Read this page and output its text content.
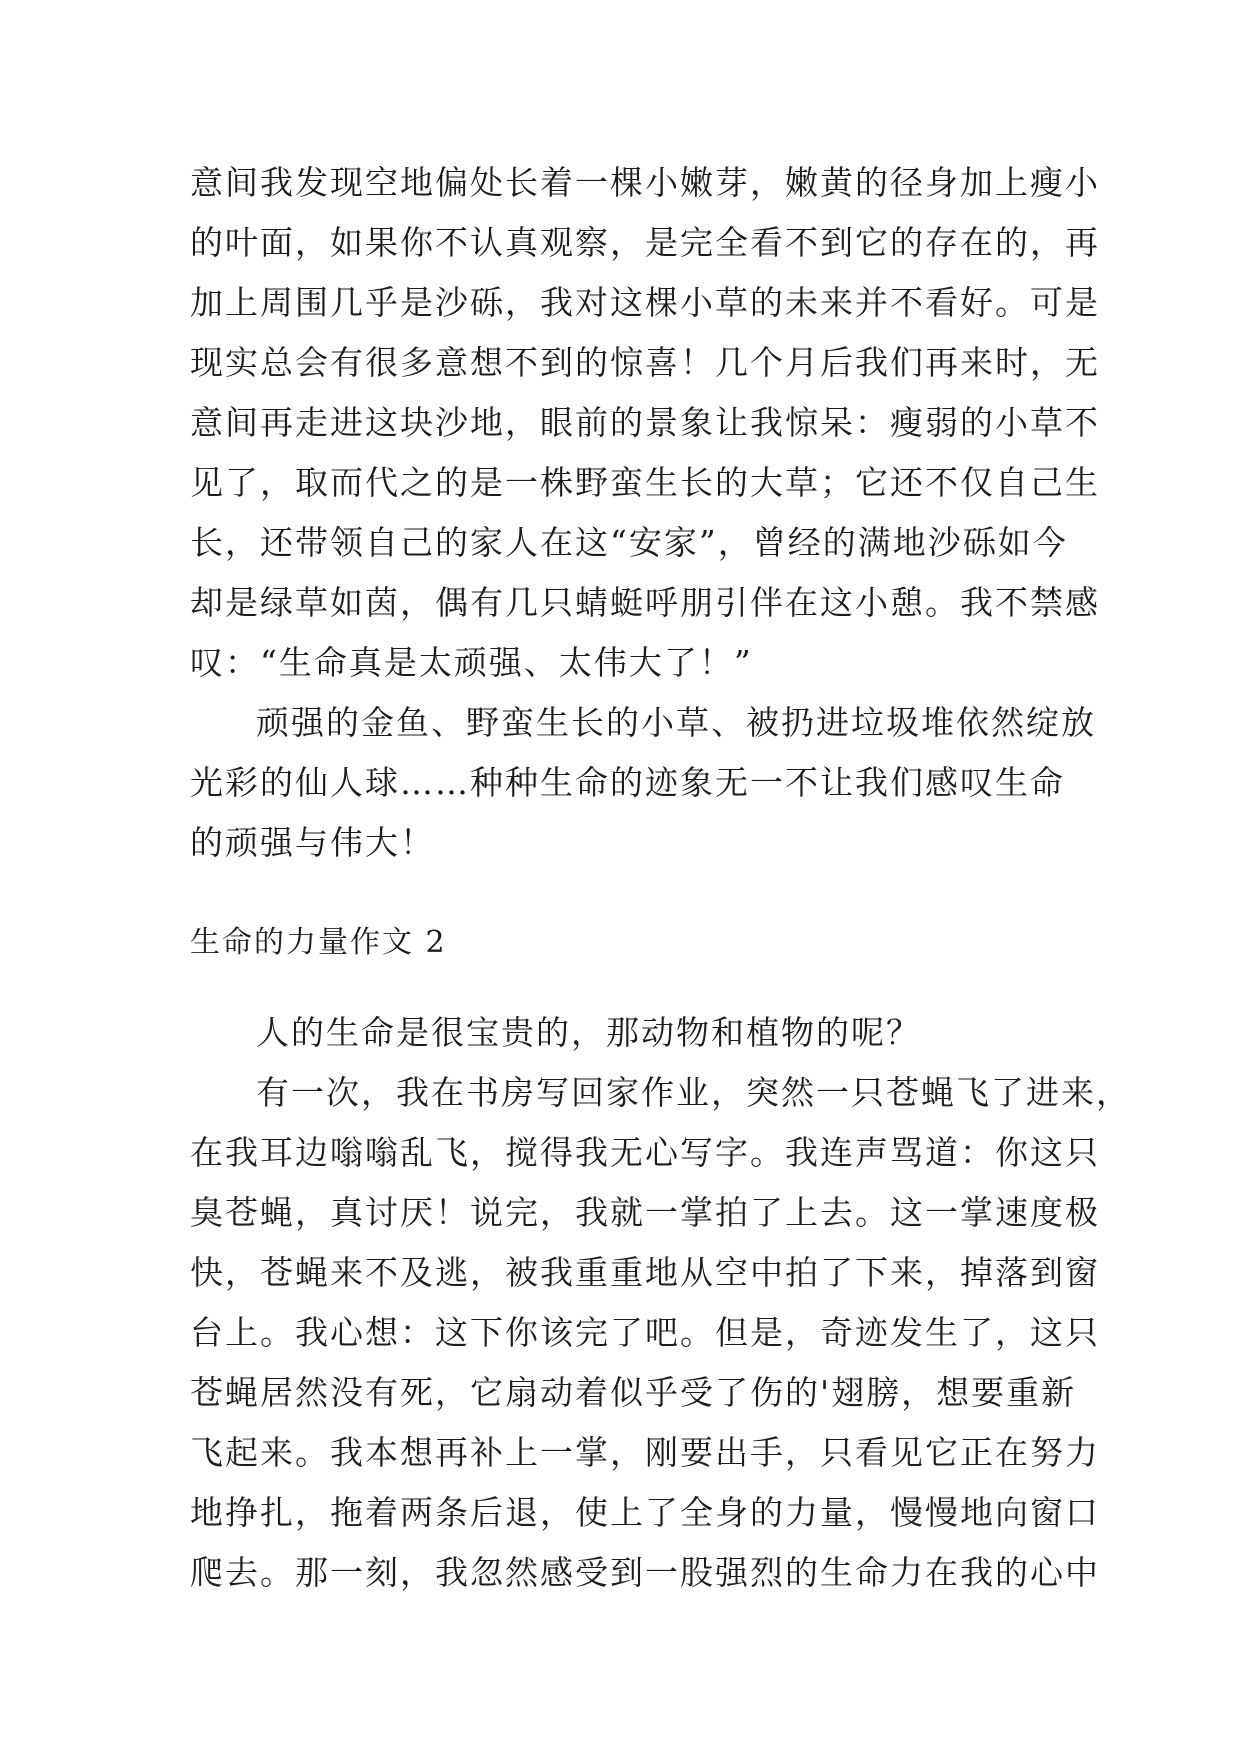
意间我发现空地偏处长着一棵小嫩芽，嫩黄的径身加上瘦小
的叶面，如果你不认真观察，是完全看不到它的存在的，再
加上周围几乎是沙砾，我对这棵小草的未来并不看好。可是
现实总会有很多意想不到的惊喜！几个月后我们再来时，无
意间再走进这块沙地，眼前的景象让我惊呆：瘦弱的小草不
见了，取而代之的是一株野蛮生长的大草；它还不仅自己生
长，还带领自己的家人在这“安家”，曾经的满地沙砾如今
却是绿草如茵，偶有几只蜻蜓呼朋引伴在这小憩。我不禁感
叹：“生命真是太顽强、太伟大了！”
顽强的金鱼、野蛮生长的小草、被扔进垃圾堆依然绽放
光彩的仙人球……种种生命的迹象无一不让我们感叹生命
的顽强与伟大！
生命的力量作文 2
人的生命是很宝贵的，那动物和植物的呢？
有一次，我在书房写回家作业，突然一只苍蝇飞了进来，
在我耳边嗡嗡乱飞，搅得我无心写字。我连声骂道：你这只
臭苍蝇，真讨厌！说完，我就一掌拍了上去。这一掌速度极
快，苍蝇来不及逃，被我重重地从空中拍了下来，掉落到窗
台上。我心想：这下你该完了吧。但是，奇迹发生了，这只
苍蝇居然没有死，它扇动着似乎受了伤的'翅膀，想要重新
飞起来。我本想再补上一掌，刚要出手，只看见它正在努力
地挣扎，拖着两条后退，使上了全身的力量，慢慢地向窗口
爬去。那一刻，我忽然感受到一股强烈的生命力在我的心中
